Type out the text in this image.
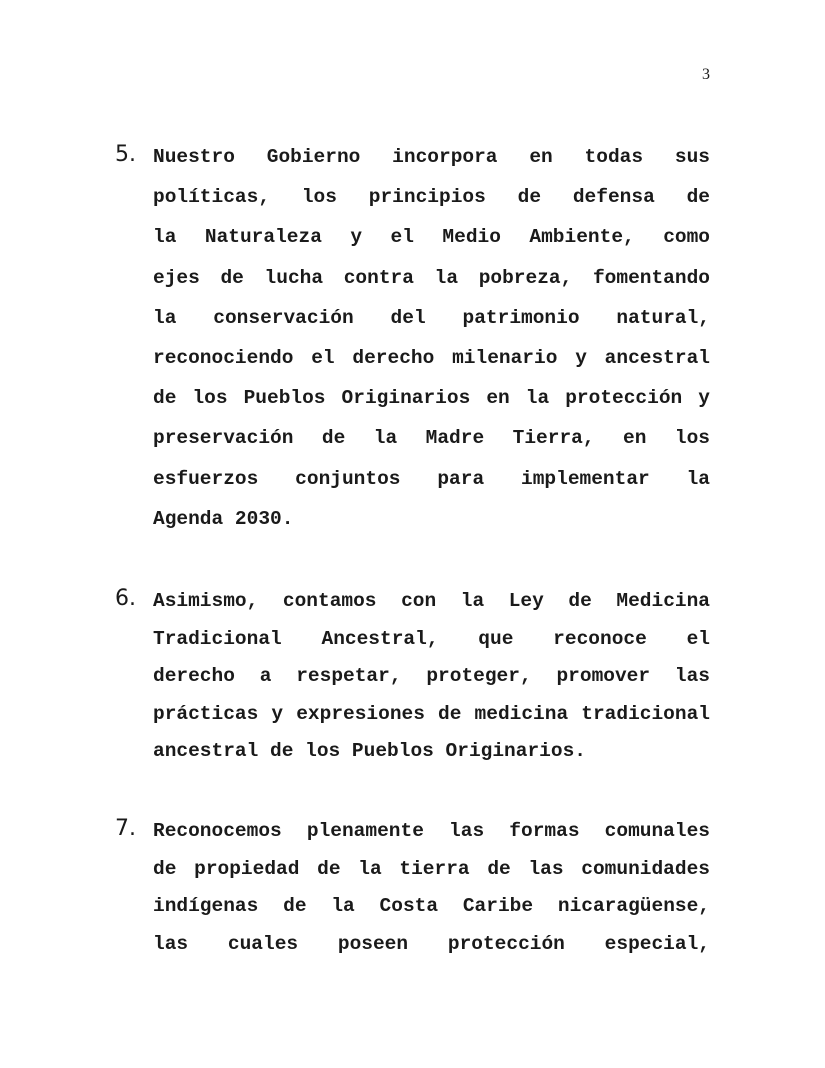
3
5. Nuestro Gobierno incorpora en todas sus
políticas, los principios de defensa de
la Naturaleza y el Medio Ambiente, como
ejes de lucha contra la pobreza, fomentando
la conservación del patrimonio natural,
reconociendo el derecho milenario y ancestral
de los Pueblos Originarios en la protección y
preservación de la Madre Tierra, en los
esfuerzos conjuntos para implementar la
Agenda 2030.
6. Asimismo, contamos con la Ley de Medicina
Tradicional Ancestral, que reconoce el
derecho a respetar, proteger, promover las
prácticas y expresiones de medicina tradicional
ancestral de los Pueblos Originarios.
7. Reconocemos plenamente las formas comunales
de propiedad de la tierra de las comunidades
indígenas de la Costa Caribe nicaragüense,
las cuales poseen protección especial,
